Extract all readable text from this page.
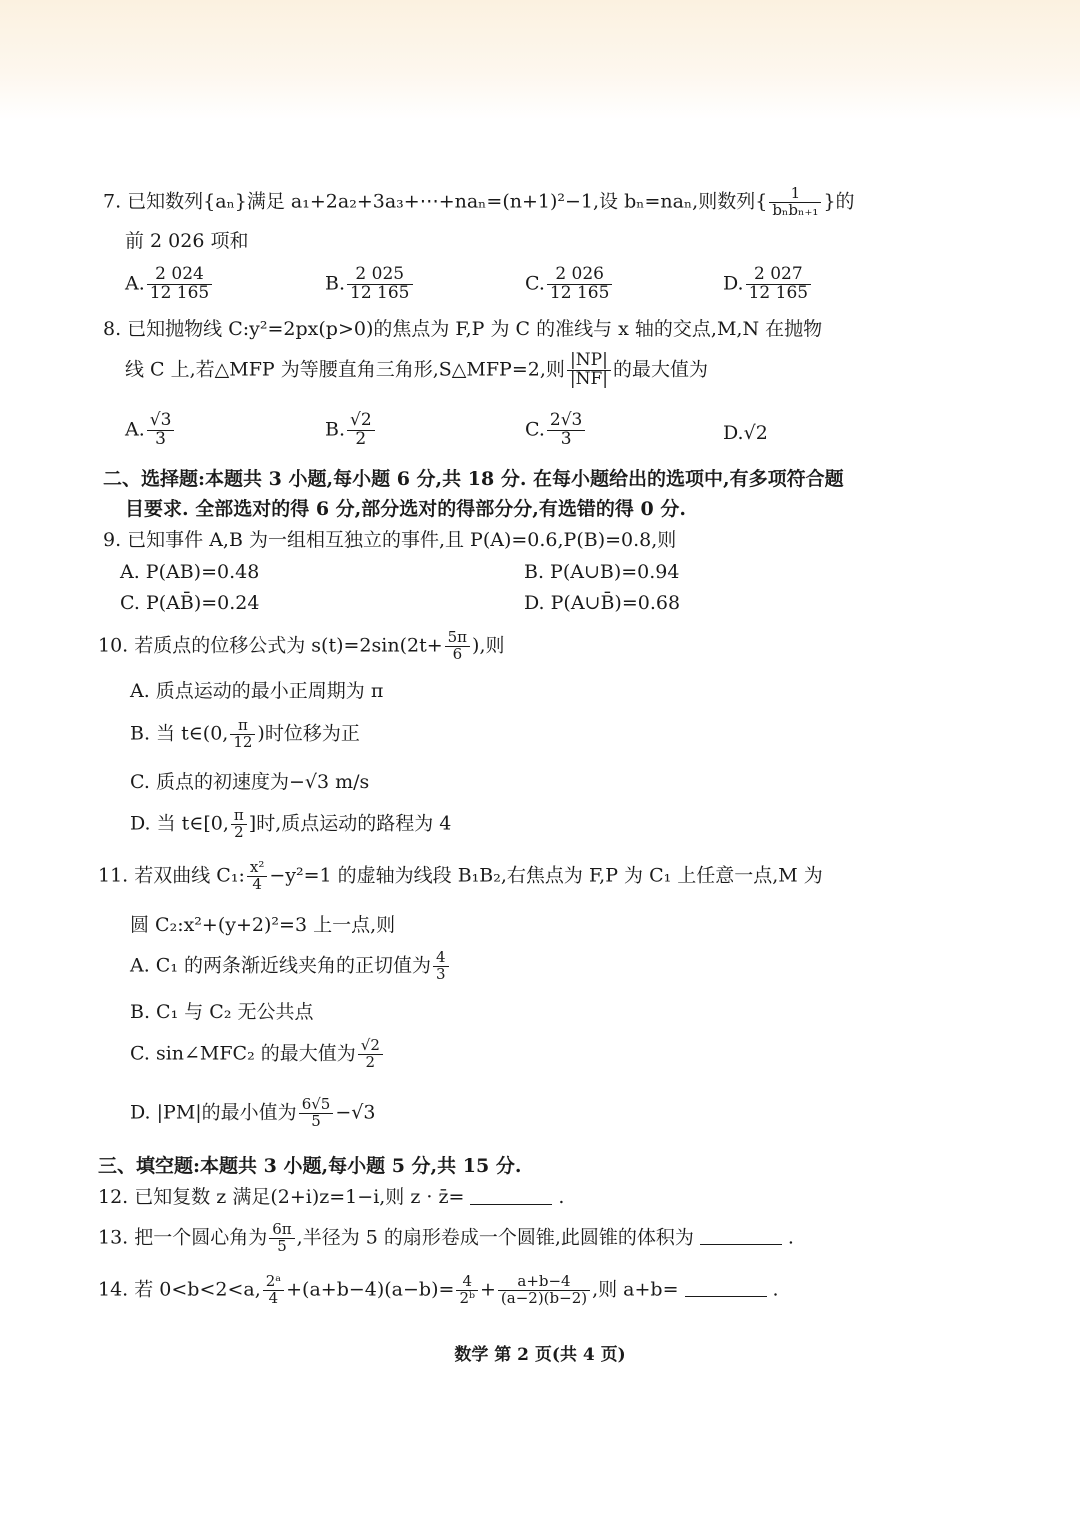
7. 已知数列{aₙ}满足 a₁+2a₂+3a₃+⋯+naₙ=(n+1)²−1,设 bₙ=naₙ,则数列{ $\frac{1}{\text{bₙbₙ₊₁}}$ }的
前 2 026 项和
A. $\frac{2 024}{12 165}$	B. $\frac{2 025}{12 165}$	C. $\frac{2 026}{12 165}$	D. $\frac{2 027}{12 165}$
8. 已知抛物线 C:y²=2px(p>0)的焦点为 F,P 为 C 的准线与 x 轴的交点,M,N 在抛物
线 C 上,若△MFP 为等腰直角三角形,S△MFP=2,则 $\frac{|NP|}{|NF|}$ 的最大值为
A. $\frac{√3}{3}$	B. $\frac{√2}{2}$	C. $\frac{2√3}{3}$	D.√2
二、选择题:本题共 3 小题,每小题 6 分,共 18 分. 在每小题给出的选项中,有多项符合题
目要求. 全部选对的得 6 分,部分选对的得部分分,有选错的得 0 分.
9. 已知事件 A,B 为一组相互独立的事件,且 P(A)=0.6,P(B)=0.8,则
A. P(AB)=0.48	B. P(A∪B)=0.94
C. P(AB̄)=0.24	D. P(A∪B̄)=0.68
10. 若质点的位移公式为 $s(t)=2\sin(2t+ \frac{5\pi}{6}$ ),则
A. 质点运动的最小正周期为 π
B. 当 t∈(0, $\frac{\pi}{12}$ )时位移为正
C. 质点的初速度为−√3 m/s
D. 当 t∈[0, $\frac{\pi}{2}$ ]时,质点运动的路程为 4
11. 若双曲线 C₁: $\frac{\text{x²}}{4} -y^2=1$ 的虚轴为线段 B₁B₂,右焦点为 F,P 为 C₁ 上任意一点,M 为
圆 C₂:x²+(y+2)²=3 上一点,则
A. C₁ 的两条渐近线夹角的正切值为 $\frac{4}{3}$
B. C₁ 与 C₂ 无公共点
C. sin∠MFC₂ 的最大值为 $\frac{√2}{2}$
D. |PM|的最小值为 $\frac{6√5}{5} -√3$
三、填空题:本题共 3 小题,每小题 5 分,共 15 分.
12. 已知复数 z 满足(2+i)z=1−i,则 z · z̄=	.
13. 把一个圆心角为 $\frac{6\pi}{5}$ ,半径为 5 的扇形卷成一个圆锥,此圆锥的体积为	.
14. 若 0<b<2<a, $\frac{\text{2ᵃ}}{4} +(a+b-4)(a-b)= \frac{4}{\text{2ᵇ}} + \frac{a+b-4}{(a-2)(b-2)}$ ,则 a+b=	.
数学 第 2 页(共 4 页)
